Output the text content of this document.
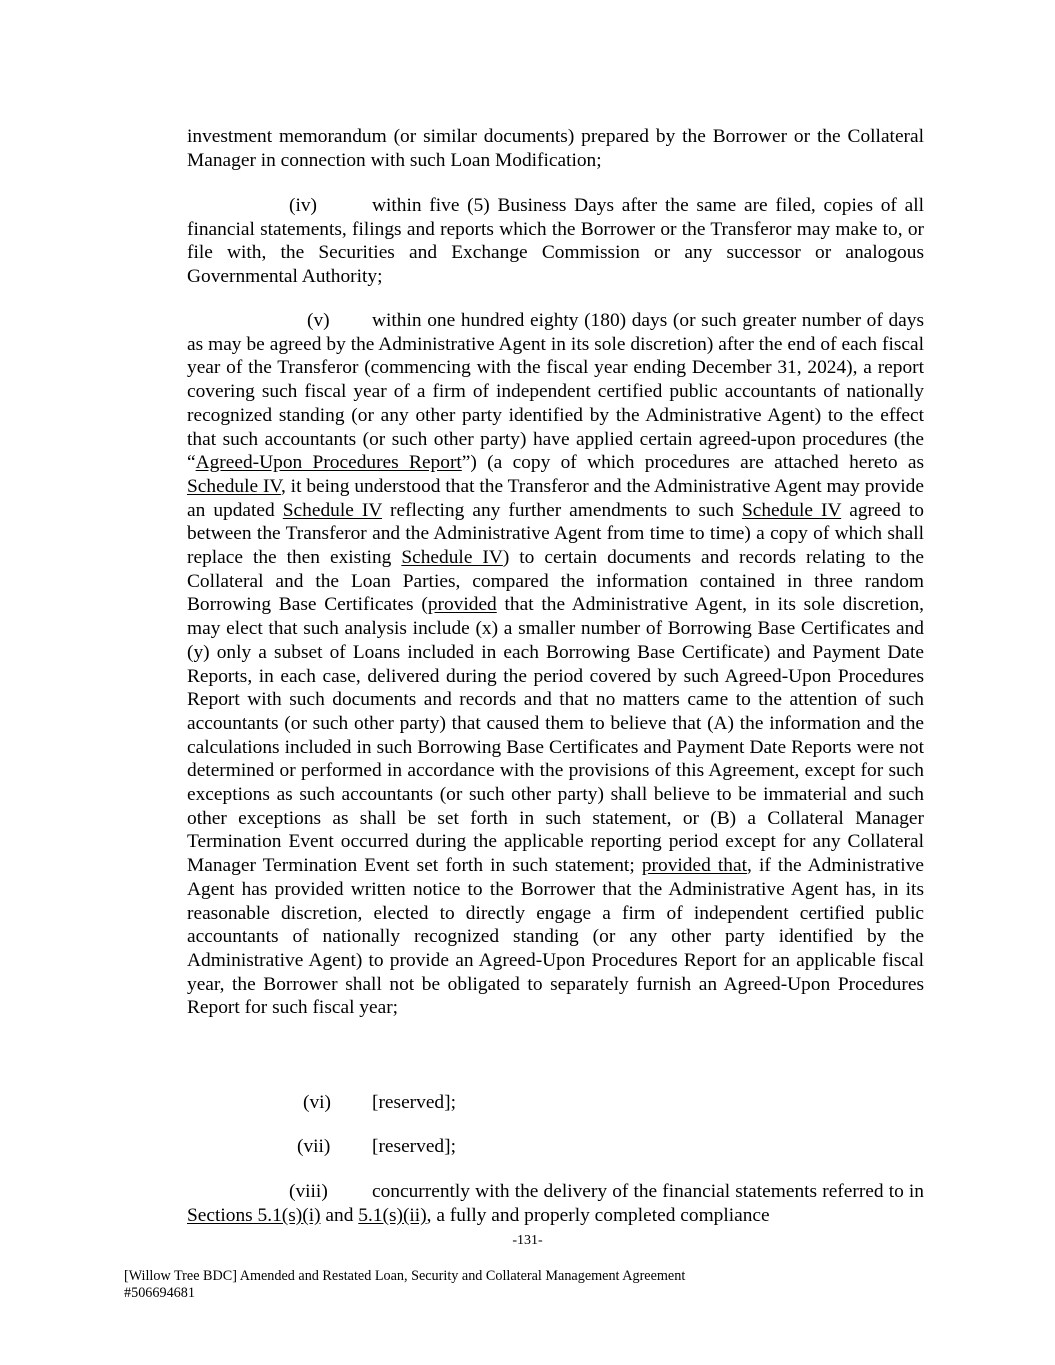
investment memorandum (or similar documents) prepared by the Borrower or the Collateral Manager in connection with such Loan Modification;

(iv)	within five (5) Business Days after the same are filed, copies of all financial statements, filings and reports which the Borrower or the Transferor may make to, or file with, the Securities and Exchange Commission or any successor or analogous Governmental Authority;

(v) within one hundred eighty (180) days (or such greater number of days as may be agreed by the Administrative Agent in its sole discretion) after the end of each fiscal year of the Transferor (commencing with the fiscal year ending December 31, 2024), a report covering such fiscal year of a firm of independent certified public accountants of nationally recognized standing (or any other party identified by the Administrative Agent) to the effect that such accountants (or such other party) have applied certain agreed-upon procedures (the “Agreed-Upon Procedures Report”) (a copy of which procedures are attached hereto as Schedule IV, it being understood that the Transferor and the Administrative Agent may provide an updated Schedule IV reflecting any further amendments to such Schedule IV agreed to between the Transferor and the Administrative Agent from time to time) a copy of which shall replace the then existing Schedule IV) to certain documents and records relating to the Collateral and the Loan Parties, compared the information contained in three random Borrowing Base Certificates (provided that the Administrative Agent, in its sole discretion, may elect that such analysis include (x) a smaller number of Borrowing Base Certificates and (y) only a subset of Loans included in each Borrowing Base Certificate) and Payment Date Reports, in each case, delivered during the period covered by such Agreed-Upon Procedures Report with such documents and records and that no matters came to the attention of such accountants (or such other party) that caused them to believe that (A) the information and the calculations included in such Borrowing Base Certificates and Payment Date Reports were not determined or performed in accordance with the provisions of this Agreement, except for such exceptions as such accountants (or such other party) shall believe to be immaterial and such other exceptions as shall be set forth in such statement, or (B) a Collateral Manager Termination Event occurred during the applicable reporting period except for any Collateral Manager Termination Event set forth in such statement; provided that, if the Administrative Agent has provided written notice to the Borrower that the Administrative Agent has, in its reasonable discretion, elected to directly engage a firm of independent certified public accountants of nationally recognized standing (or any other party identified by the Administrative Agent) to provide an Agreed-Upon Procedures Report for an applicable fiscal year, the Borrower shall not be obligated to separately furnish an Agreed-Upon Procedures Report for such fiscal year;

(vi) [reserved];
(vii) [reserved];

(viii) concurrently with the delivery of the financial statements referred to in Sections 5.1(s)(i) and 5.1(s)(ii), a fully and properly completed compliance

-131-
[Willow Tree BDC] Amended and Restated Loan, Security and Collateral Management Agreement
#506694681
